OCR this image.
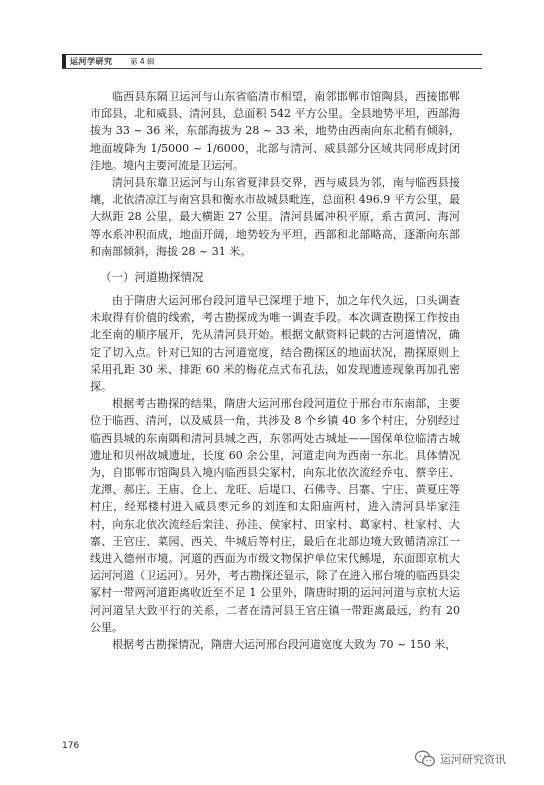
运河学研究 第 4 辑

临西县东隔卫运河与山东省临清市相望，南邻邯郸市馆陶县，西接邯郸市邱县，北和威县、清河县，总面积 542 平方公里。全县地势平坦，西部海拔为 33 ~ 36 米，东部海拔为 28 ~ 33 米，地势由西南向东北稍有倾斜，地面坡降为 1/5000 ~ 1/6000，北部与清河、威县部分区域共同形成封闭洼地。境内主要河流是卫运河。

清河县东靠卫运河与山东省夏津县交界，西与威县为邻，南与临西县接壤，北依清凉江与南宫县和衡水市故城县毗连，总面积 496.9 平方公里，最大纵距 28 公里，最大横距 27 公里。清河县属冲积平原，系古黄河、海河等水系冲积而成，地面开阔，地势较为平坦，西部和北部略高，逐渐向东部和南部倾斜，海拔 28 ~ 31 米。

（一）河道勘探情况

由于隋唐大运河邢台段河道早已深埋于地下，加之年代久远，口头调查未取得有价值的线索，考古勘探成为唯一调查手段。本次调查勘探工作按由北至南的顺序展开，先从清河县开始。根据文献资料记载的古河道情况，确定了切入点。针对已知的古河道宽度，结合勘探区的地面状况，勘探原则上采用孔距 30 米、排距 60 米的梅花点式布孔法，如发现遗迹现象再加孔密探。

根据考古勘探的结果，隋唐大运河邢台段河道位于邢台市东南部，主要位于临西、清河，以及威县一角，共涉及 8 个乡镇 40 多个村庄，分别经过临西县城的东南隅和清河县城之西，东邻两处古城址——国保单位临清古城遗址和贝州故城遗址，长度 60 余公里，河道走向为西南一东北。具体情况为，自邯郸市馆陶县入境内临西县尖冢村，向东北依次流经乔屯、蔡辛庄、龙潭、郝庄、王庙、仓上、龙旺、后堤口、石佛寺、吕寨、宁庄、黄夏庄等村庄，经郑楼村进入威县枣元乡的刘连和太阳庙两村，进入清河县毕家洼村，向东北依次流经后栾洼、孙洼、侯家村、田家村、葛家村、杜家村、大寨、王官庄、菜园、西关、牛城后等村庄，最后在北部边境大致循清凉江一线进入德州市境。河道的西面为市级文物保护单位宋代鲧堤，东面即京杭大运河河道（卫运河）。另外，考古勘探还显示，除了在进入邢台境的临西县尖冢村一带两河道距离收近至不足 1 公里外，隋唐时期的运河河道与京杭大运河河道呈大致平行的关系，二者在清河县王官庄镇一带距离最远，约有 20 公里。

根据考古勘探情况，隋唐大运河邢台段河道宽度大致为 70 ~ 150 米，

176
运河研究资讯
